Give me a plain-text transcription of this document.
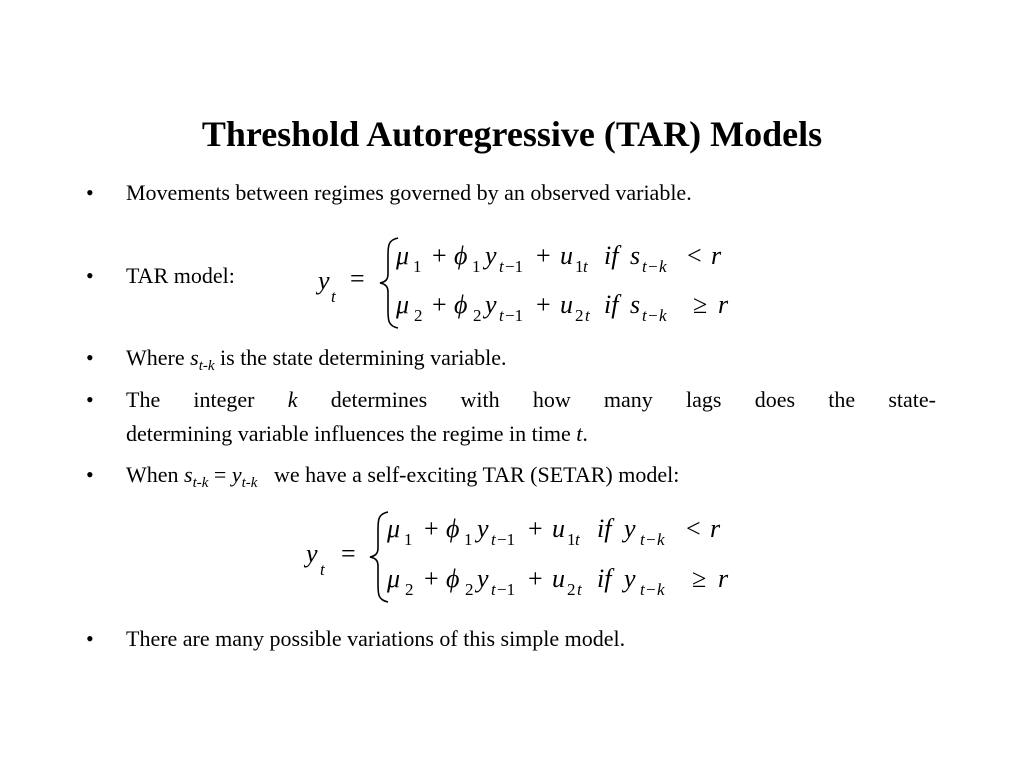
Threshold Autoregressive (TAR) Models
• Movements between regimes governed by an observed variable.
• TAR model:	y
t
=
μ 1 + ϕ 1 y t −1 + u 1 t if s t − k < r
μ 2 + ϕ 2 y t −1 + u 2 t if s t − k ≥ r
• Where $s_{t-k}$ is the state determining variable.
• The integer k determines with how many lags does the state-
determining variable influences the regime in time t.
• When $s_{t-k} = y_{t-k}$ we have a self-exciting TAR (SETAR) model:
y
t
=
μ 1 + ϕ 1 y t −1 + u 1 t if y t − k < r
μ 2 + ϕ 2 y t −1 + u 2 t if y t − k ≥ r
• There are many possible variations of this simple model.
